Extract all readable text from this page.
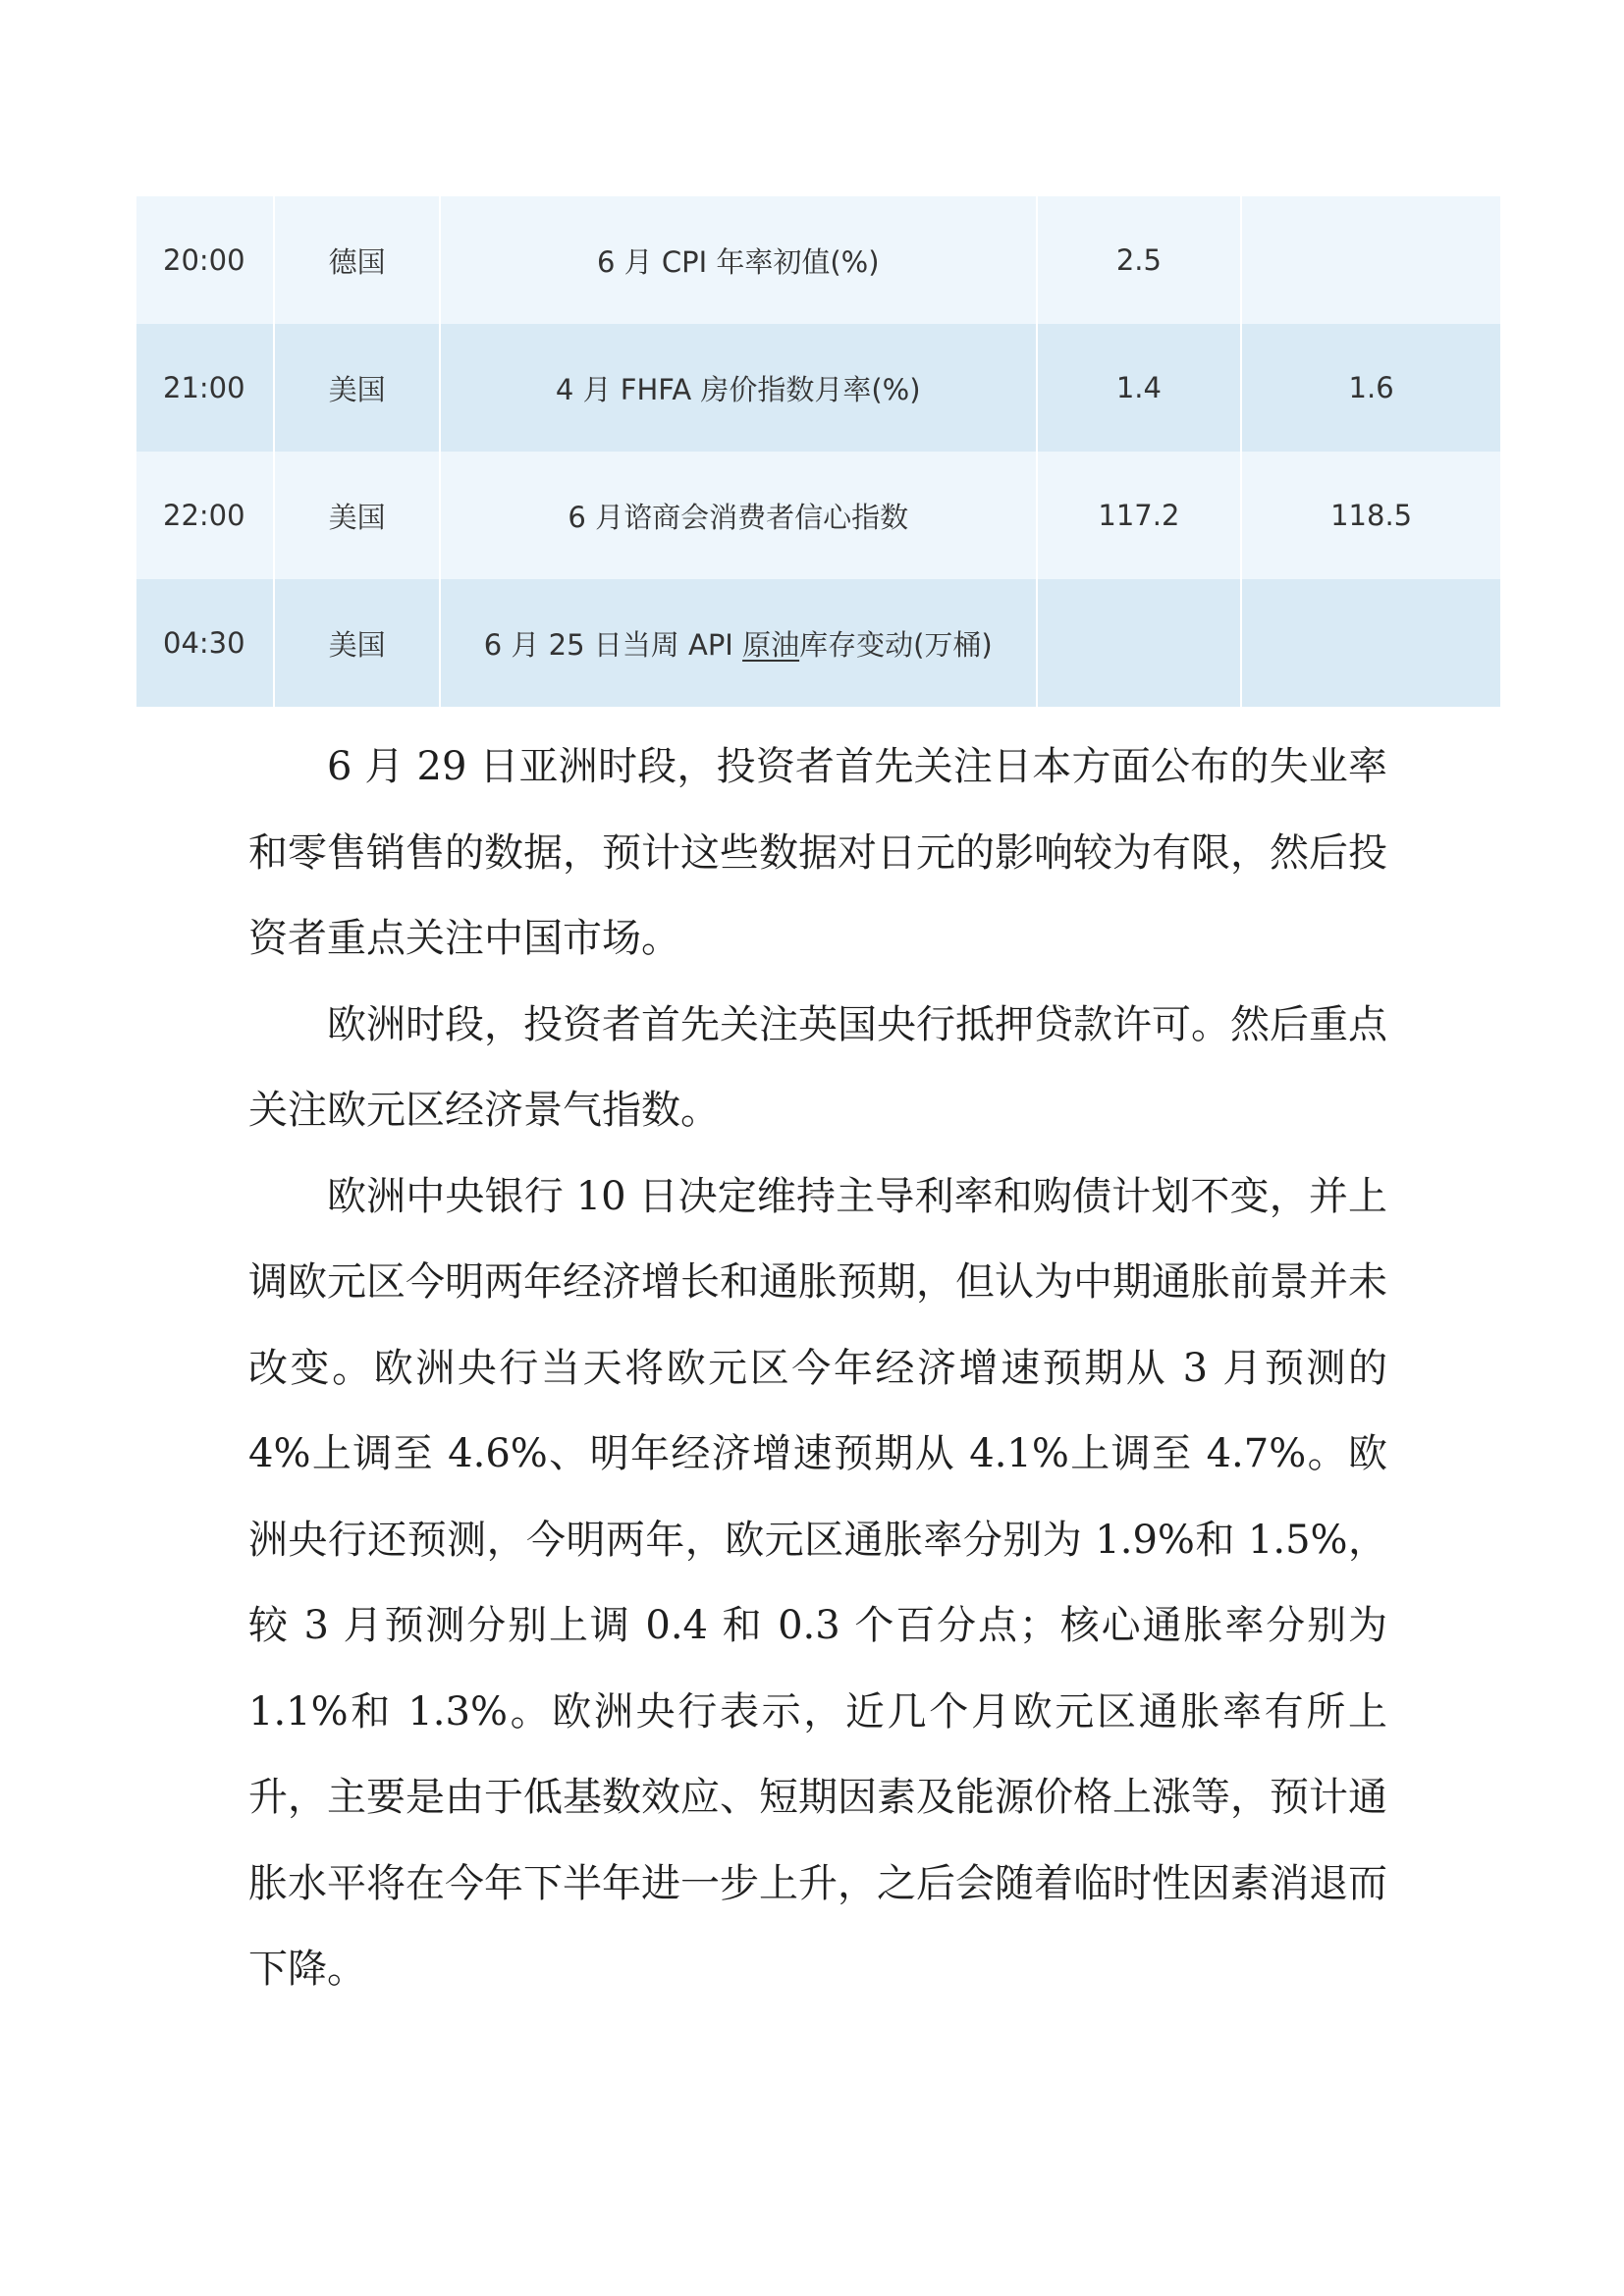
20:00	德国	6 月 CPI 年率初值(%)	2.5	
21:00	美国	4 月 FHFA 房价指数月率(%)	1.4	1.6
22:00	美国	6 月谘商会消费者信心指数	117.2	118.5
04:30	美国	6 月 25 日当周 API 原油库存变动(万桶)		

6 月 29 日亚洲时段，投资者首先关注日本方面公布的失业率和零售销售的数据，预计这些数据对日元的影响较为有限，然后投资者重点关注中国市场。

欧洲时段，投资者首先关注英国央行抵押贷款许可。然后重点关注欧元区经济景气指数。

欧洲中央银行 10 日决定维持主导利率和购债计划不变，并上调欧元区今明两年经济增长和通胀预期，但认为中期通胀前景并未改变。欧洲央行当天将欧元区今年经济增速预期从 3 月预测的 4%上调至 4.6%、明年经济增速预期从 4.1%上调至 4.7%。欧洲央行还预测，今明两年，欧元区通胀率分别为 1.9%和 1.5%，较 3 月预测分别上调 0.4 和 0.3 个百分点；核心通胀率分别为 1.1%和 1.3%。欧洲央行表示，近几个月欧元区通胀率有所上升，主要是由于低基数效应、短期因素及能源价格上涨等，预计通胀水平将在今年下半年进一步上升，之后会随着临时性因素消退而下降。
